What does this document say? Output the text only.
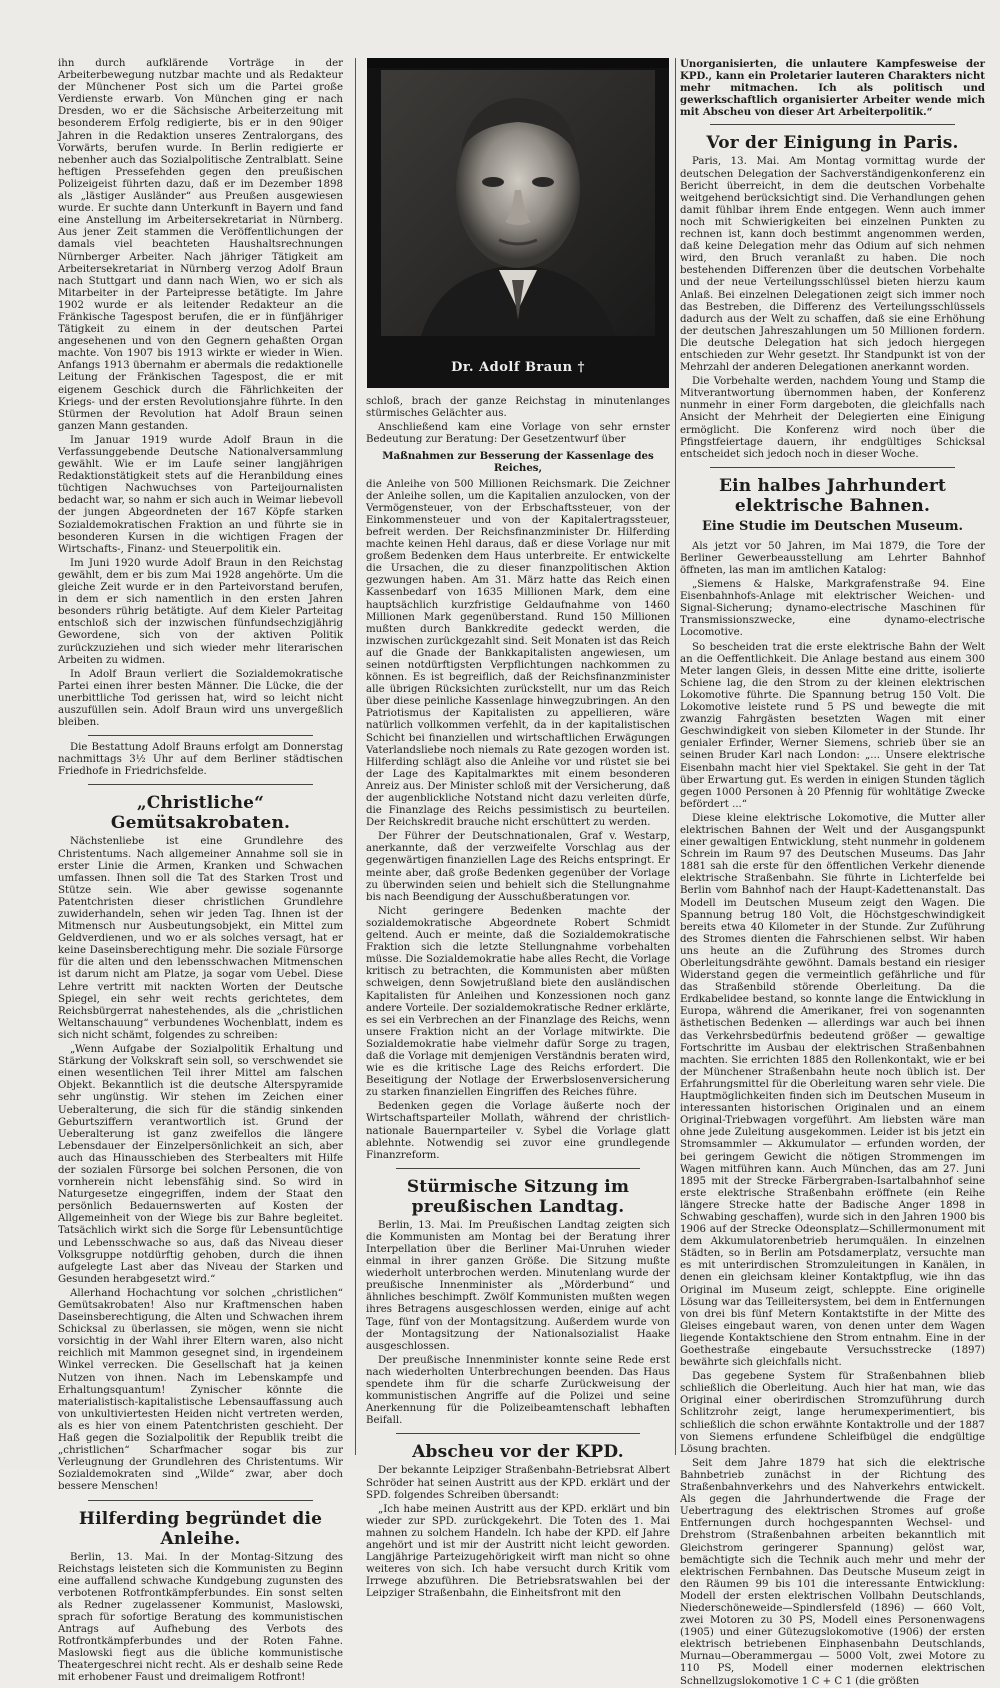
ihn durch aufklärende Vorträge in der Arbeiterbewegung nutzbar machte und als Redakteur der Münchener Post sich um die Partei große Verdienste erwarb. Von München ging er nach Dresden, wo er die Sächsische Arbeiterzeitung mit besonderem Erfolg redigierte, bis er in den 90iger Jahren in die Redaktion unseres Zentralorgans, des Vorwärts, berufen wurde. In Berlin redigierte er nebenher auch das Sozialpolitische Zentralblatt. Seine heftigen Pressefehden gegen den preußischen Polizeigeist führten dazu, daß er im Dezember 1898 als „lästiger Ausländer“ aus Preußen ausgewiesen wurde. Er suchte dann Unterkunft in Bayern und fand eine Anstellung im Arbeitersekretariat in Nürnberg. Aus jener Zeit stammen die Veröffentlichungen der damals viel beachteten Haushaltsrechnungen Nürnberger Arbeiter. Nach jähriger Tätigkeit am Arbeitersekretariat in Nürnberg verzog Adolf Braun nach Stuttgart und dann nach Wien, wo er sich als Mitarbeiter in der Parteipresse betätigte. Im Jahre 1902 wurde er als leitender Redakteur an die Fränkische Tagespost berufen, die er in fünfjähriger Tätigkeit zu einem in der deutschen Partei angesehenen und von den Gegnern gehaßten Organ machte. Von 1907 bis 1913 wirkte er wieder in Wien. Anfangs 1913 übernahm er abermals die redaktionelle Leitung der Fränkischen Tagespost, die er mit eigenem Geschick durch die Fährlichkeiten der Kriegs- und der ersten Revolutionsjahre führte. In den Stürmen der Revolution hat Adolf Braun seinen ganzen Mann gestanden.

Im Januar 1919 wurde Adolf Braun in die Verfassunggebende Deutsche Nationalversammlung gewählt. Wie er im Laufe seiner langjährigen Redaktionstätigkeit stets auf die Heranbildung eines tüchtigen Nachwuchses von Parteijournalisten bedacht war, so nahm er sich auch in Weimar liebevoll der jungen Abgeordneten der 167 Köpfe starken Sozialdemokratischen Fraktion an und führte sie in besonderen Kursen in die wichtigen Fragen der Wirtschafts-, Finanz- und Steuerpolitik ein.

Im Juni 1920 wurde Adolf Braun in den Reichstag gewählt, dem er bis zum Mai 1928 angehörte. Um die gleiche Zeit wurde er in den Parteivorstand berufen, in dem er sich namentlich in den ersten Jahren besonders rührig betätigte. Auf dem Kieler Parteitag entschloß sich der inzwischen fünfundsechzigjährig Gewordene, sich von der aktiven Politik zurückzuziehen und sich wieder mehr literarischen Arbeiten zu widmen.

In Adolf Braun verliert die Sozialdemokratische Partei einen ihrer besten Männer. Die Lücke, die der unerbittliche Tod gerissen hat, wird so leicht nicht auszufüllen sein. Adolf Braun wird uns unvergeßlich bleiben.

Die Bestattung Adolf Brauns erfolgt am Donnerstag nachmittags 3½ Uhr auf dem Berliner städtischen Friedhofe in Friedrichsfelde.

„Christliche“ Gemütsakrobaten.

Nächstenliebe ist eine Grundlehre des Christentums. Nach allgemeiner Annahme soll sie in erster Linie die Armen, Kranken und Schwachen umfassen. Ihnen soll die Tat des Starken Trost und Stütze sein. Wie aber gewisse sogenannte Patentchristen dieser christlichen Grundlehre zuwiderhandeln, sehen wir jeden Tag. Ihnen ist der Mitmensch nur Ausbeutungsobjekt, ein Mittel zum Geldverdienen, und wo er als solches versagt, hat er keine Daseinsberechtigung mehr. Die soziale Fürsorge für die alten und den lebensschwachen Mitmenschen ist darum nicht am Platze, ja sogar vom Uebel. Diese Lehre vertritt mit nackten Worten der Deutsche Spiegel, ein sehr weit rechts gerichtetes, dem Reichsbürgerrat nahestehendes, als die „christlichen Weltanschauung“ verbundenes Wochenblatt, indem es sich nicht schämt, folgendes zu schreiben:

„Wenn Aufgabe der Sozialpolitik Erhaltung und Stärkung der Volkskraft sein soll, so verschwendet sie einen wesentlichen Teil ihrer Mittel am falschen Objekt. Bekanntlich ist die deutsche Alterspyramide sehr ungünstig. Wir stehen im Zeichen einer Ueberalterung, die sich für die ständig sinkenden Geburtsziffern verantwortlich ist. Grund der Ueberalterung ist ganz zweifellos die längere Lebensdauer der Einzelpersönlichkeit an sich, aber auch das Hinausschieben des Sterbealters mit Hilfe der sozialen Fürsorge bei solchen Personen, die von vornherein nicht lebensfähig sind. So wird in Naturgesetze eingegriffen, indem der Staat den persönlich Bedauernswerten auf Kosten der Allgemeinheit von der Wiege bis zur Bahre begleitet. Tatsächlich wirkt sich die Sorge für Lebensuntüchtige und Lebensschwache so aus, daß das Niveau dieser Volksgruppe notdürftig gehoben, durch die ihnen aufgelegte Last aber das Niveau der Starken und Gesunden herabgesetzt wird.“

Allerhand Hochachtung vor solchen „christlichen“ Gemütsakrobaten! Also nur Kraftmenschen haben Daseinsberechtigung, die Alten und Schwachen ihrem Schicksal zu überlassen, sie mögen, wenn sie nicht vorsichtig in der Wahl ihrer Eltern waren, also nicht reichlich mit Mammon gesegnet sind, in irgendeinem Winkel verrecken. Die Gesellschaft hat ja keinen Nutzen von ihnen. Nach im Lebenskampfe und Erhaltungsquantum! Zynischer könnte die materialistisch-kapitalistische Lebensauffassung auch von unkultiviertesten Heiden nicht vertreten werden, als es hier von einem Patentchristen geschieht. Der Haß gegen die Sozialpolitik der Republik treibt die „christlichen“ Scharfmacher sogar bis zur Verleugnung der Grundlehren des Christentums. Wir Sozialdemokraten sind „Wilde“ zwar, aber doch bessere Menschen!

Hilferding begründet die Anleihe.

Berlin, 13. Mai. In der Montag-Sitzung des Reichstags leisteten sich die Kommunisten zu Beginn eine auffallend schwache Kundgebung zugunsten des verbotenen Rotfrontkämpferbundes. Ein sonst selten als Redner zugelassener Kommunist, Maslowski, sprach für sofortige Beratung des kommunistischen Antrags auf Aufhebung des Verbots des Rotfrontkämpferbundes und der Roten Fahne. Maslowski fiegt aus die übliche kommunistische Theatergeschrei nicht recht. Als er deshalb seine Rede mit erhobener Faust und dreimaligem Rotfront!

Dr. Adolf Braun †

schloß, brach der ganze Reichstag in minutenlanges stürmisches Gelächter aus.

Anschließend kam eine Vorlage von sehr ernster Bedeutung zur Beratung: Der Gesetzentwurf über

Maßnahmen zur Besserung der Kassenlage des Reiches,

die Anleihe von 500 Millionen Reichsmark. Die Zeichner der Anleihe sollen, um die Kapitalien anzulocken, von der Vermögensteuer, von der Erbschaftssteuer, von der Einkommensteuer und von der Kapitalertragssteuer, befreit werden. Der Reichsfinanzminister Dr. Hilferding machte keinen Hehl daraus, daß er diese Vorlage nur mit großem Bedenken dem Haus unterbreite. Er entwickelte die Ursachen, die zu dieser finanzpolitischen Aktion gezwungen haben. Am 31. März hatte das Reich einen Kassenbedarf von 1635 Millionen Mark, dem eine hauptsächlich kurzfristige Geldaufnahme von 1460 Millionen Mark gegenüberstand. Rund 150 Millionen mußten durch Bankkredite gedeckt werden, die inzwischen zurückgezahlt sind. Seit Monaten ist das Reich auf die Gnade der Bankkapitalisten angewiesen, um seinen notdürftigsten Verpflichtungen nachkommen zu können. Es ist begreiflich, daß der Reichsfinanzminister alle übrigen Rücksichten zurückstellt, nur um das Reich über diese peinliche Kassenlage hinwegzubringen. An den Patriotismus der Kapitalisten zu appellieren, wäre natürlich vollkommen verfehlt, da in der kapitalistischen Schicht bei finanziellen und wirtschaftlichen Erwägungen Vaterlandsliebe noch niemals zu Rate gezogen worden ist. Hilferding schlägt also die Anleihe vor und rüstet sie bei der Lage des Kapitalmarktes mit einem besonderen Anreiz aus. Der Minister schloß mit der Versicherung, daß der augenblickliche Notstand nicht dazu verleiten dürfe, die Finanzlage des Reichs pessimistisch zu beurteilen. Der Reichskredit brauche nicht erschüttert zu werden.

Der Führer der Deutschnationalen, Graf v. Westarp, anerkannte, daß der verzweifelte Vorschlag aus der gegenwärtigen finanziellen Lage des Reichs entspringt. Er meinte aber, daß große Bedenken gegenüber der Vorlage zu überwinden seien und behielt sich die Stellungnahme bis nach Beendigung der Ausschußberatungen vor.

Nicht geringere Bedenken machte der sozialdemokratische Abgeordnete Robert Schmidt geltend. Auch er meinte, daß die Sozialdemokratische Fraktion sich die letzte Stellungnahme vorbehalten müsse. Die Sozialdemokratie habe alles Recht, die Vorlage kritisch zu betrachten, die Kommunisten aber müßten schweigen, denn Sowjetrußland biete den ausländischen Kapitalisten für Anleihen und Konzessionen noch ganz andere Vorteile. Der sozialdemokratische Redner erklärte, es sei ein Verbrechen an der Finanzlage des Reichs, wenn unsere Fraktion nicht an der Vorlage mitwirkte. Die Sozialdemokratie habe vielmehr dafür Sorge zu tragen, daß die Vorlage mit demjenigen Verständnis beraten wird, wie es die kritische Lage des Reichs erfordert. Die Beseitigung der Notlage der Erwerbslosenversicherung zu starken finanziellen Eingriffen des Reiches führe.

Bedenken gegen die Vorlage äußerte noch der Wirtschaftsparteiler Mollath, während der christlich-nationale Bauernparteiler v. Sybel die Vorlage glatt ablehnte. Notwendig sei zuvor eine grundlegende Finanzreform.

Stürmische Sitzung im preußischen Landtag.

Berlin, 13. Mai. Im Preußischen Landtag zeigten sich die Kommunisten am Montag bei der Beratung ihrer Interpellation über die Berliner Mai-Unruhen wieder einmal in ihrer ganzen Größe. Die Sitzung mußte wiederholt unterbrochen werden. Minutenlang wurde der preußische Innenminister als „Mörderbund“ und ähnliches beschimpft. Zwölf Kommunisten mußten wegen ihres Betragens ausgeschlossen werden, einige auf acht Tage, fünf von der Montagsitzung. Außerdem wurde von der Montagsitzung der Nationalsozialist Haake ausgeschlossen.

Der preußische Innenminister konnte seine Rede erst nach wiederholten Unterbrechungen beenden. Das Haus spendete ihm für die scharfe Zurückweisung der kommunistischen Angriffe auf die Polizei und seine Anerkennung für die Polizeibeamtenschaft lebhaften Beifall.

Abscheu vor der KPD.

Der bekannte Leipziger Straßenbahn-Betriebsrat Albert Schröder hat seinen Austritt aus der KPD. erklärt und der SPD. folgendes Schreiben übersandt:

„Ich habe meinen Austritt aus der KPD. erklärt und bin wieder zur SPD. zurückgekehrt. Die Toten des 1. Mai mahnen zu solchem Handeln. Ich habe der KPD. elf Jahre angehört und ist mir der Austritt nicht leicht geworden. Langjährige Parteizugehörigkeit wirft man nicht so ohne weiteres von sich. Ich habe versucht durch Kritik vom Irrwege abzuführen. Die Betriebsratswahlen bei der Leipziger Straßenbahn, die Einheitsfront mit den

Unorganisierten, die unlautere Kampfesweise der KPD., kann ein Proletarier lauteren Charakters nicht mehr mitmachen. Ich als politisch und gewerkschaftlich organisierter Arbeiter wende mich mit Abscheu von dieser Art Arbeiterpolitik.“

Vor der Einigung in Paris.

Paris, 13. Mai. Am Montag vormittag wurde der deutschen Delegation der Sachverständigenkonferenz ein Bericht überreicht, in dem die deutschen Vorbehalte weitgehend berücksichtigt sind. Die Verhandlungen gehen damit fühlbar ihrem Ende entgegen. Wenn auch immer noch mit Schwierigkeiten bei einzelnen Punkten zu rechnen ist, kann doch bestimmt angenommen werden, daß keine Delegation mehr das Odium auf sich nehmen wird, den Bruch veranlaßt zu haben. Die noch bestehenden Differenzen über die deutschen Vorbehalte und der neue Verteilungsschlüssel bieten hierzu kaum Anlaß. Bei einzelnen Delegationen zeigt sich immer noch das Bestreben, die Differenz des Verteilungsschlüssels dadurch aus der Welt zu schaffen, daß sie eine Erhöhung der deutschen Jahreszahlungen um 50 Millionen fordern. Die deutsche Delegation hat sich jedoch hiergegen entschieden zur Wehr gesetzt. Ihr Standpunkt ist von der Mehrzahl der anderen Delegationen anerkannt worden.

Die Vorbehalte werden, nachdem Young und Stamp die Mitverantwortung übernommen haben, der Konferenz nunmehr in einer Form dargeboten, die gleichfalls nach Ansicht der Mehrheit der Delegierten eine Einigung ermöglicht. Die Konferenz wird noch über die Pfingstfeiertage dauern, ihr endgültiges Schicksal entscheidet sich jedoch noch in dieser Woche.

Ein halbes Jahrhundert elektrische Bahnen.
Eine Studie im Deutschen Museum.

Als jetzt vor 50 Jahren, im Mai 1879, die Tore der Berliner Gewerbeausstellung am Lehrter Bahnhof öffneten, las man im amtlichen Katalog:

„Siemens & Halske, Markgrafenstraße 94. Eine Eisenbahnhofs-Anlage mit elektrischer Weichen- und Signal-Sicherung; dynamo-electrische Maschinen für Transmissionszwecke, eine dynamo-electrische Locomotive.

So bescheiden trat die erste elektrische Bahn der Welt an die Oeffentlichkeit. Die Anlage bestand aus einem 300 Meter langen Gleis, in dessen Mitte eine dritte, isolierte Schiene lag, die den Strom zu der kleinen elektrischen Lokomotive führte. Die Spannung betrug 150 Volt. Die Lokomotive leistete rund 5 PS und bewegte die mit zwanzig Fahrgästen besetzten Wagen mit einer Geschwindigkeit von sieben Kilometer in der Stunde. Ihr genialer Erfinder, Werner Siemens, schrieb über sie an seinen Bruder Karl nach London: „... Unsere elektrische Eisenbahn macht hier viel Spektakel. Sie geht in der Tat über Erwartung gut. Es werden in einigen Stunden täglich gegen 1000 Personen à 20 Pfennig für wohltätige Zwecke befördert ...“

Diese kleine elektrische Lokomotive, die Mutter aller elektrischen Bahnen der Welt und der Ausgangspunkt einer gewaltigen Entwicklung, steht nunmehr in goldenem Schrein im Raum 97 des Deutschen Museums. Das Jahr 1881 sah die erste für den öffentlichen Verkehr dienende elektrische Straßenbahn. Sie führte in Lichterfelde bei Berlin vom Bahnhof nach der Haupt-Kadettenanstalt. Das Modell im Deutschen Museum zeigt den Wagen. Die Spannung betrug 180 Volt, die Höchstgeschwindigkeit bereits etwa 40 Kilometer in der Stunde. Zur Zuführung des Stromes dienten die Fahrschienen selbst. Wir haben uns heute an die Zuführung des Stromes durch Oberleitungsdrähte gewöhnt. Damals bestand ein riesiger Widerstand gegen die vermeintlich gefährliche und für das Straßenbild störende Oberleitung. Da die Erdkabelidee bestand, so konnte lange die Entwicklung in Europa, während die Amerikaner, frei von sogenannten ästhetischen Bedenken — allerdings war auch bei ihnen das Verkehrsbedürfnis bedeutend größer — gewaltige Fortschritte im Ausbau der elektrischen Straßenbahnen machten. Sie errichten 1885 den Rollenkontakt, wie er bei der Münchener Straßenbahn heute noch üblich ist. Der Erfahrungsmittel für die Oberleitung waren sehr viele. Die Hauptmöglichkeiten finden sich im Deutschen Museum in interessanten historischen Originalen und an einem Original-Triebwagen vorgeführt. Am liebsten wäre man ohne jede Zuleitung ausgekommen. Leider ist bis jetzt ein Stromsammler — Akkumulator — erfunden worden, der bei geringem Gewicht die nötigen Strommengen im Wagen mitführen kann. Auch München, das am 27. Juni 1895 mit der Strecke Färbergraben-Isartalbahnhof seine erste elektrische Straßenbahn eröffnete (ein Reihe längere Strecke hatte der Badische Anger 1898 in Schwabing geschaffen), wurde sich in den Jahren 1900 bis 1906 auf der Strecke Odeonsplatz—Schillermonument mit dem Akkumulatorenbetrieb herumquälen. In einzelnen Städten, so in Berlin am Potsdamerplatz, versuchte man es mit unterirdischen Stromzuleitungen in Kanälen, in denen ein gleichsam kleiner Kontaktpflug, wie ihn das Original im Museum zeigt, schleppte. Eine originelle Lösung war das Teilleitersystem, bei dem in Entfernungen von drei bis fünf Metern Kontaktstifte in der Mitte des Gleises eingebaut waren, von denen unter dem Wagen liegende Kontaktschiene den Strom entnahm. Eine in der Goethestraße eingebaute Versuchsstrecke (1897) bewährte sich gleichfalls nicht.

Das gegebene System für Straßenbahnen blieb schließlich die Oberleitung. Auch hier hat man, wie das Original einer oberirdischen Stromzuführung durch Schlitzrohr zeigt, lange herumexperimentiert, bis schließlich die schon erwähnte Kontaktrolle und der 1887 von Siemens erfundene Schleifbügel die endgültige Lösung brachten.

Seit dem Jahre 1879 hat sich die elektrische Bahnbetrieb zunächst in der Richtung des Straßenbahnverkehrs und des Nahverkehrs entwickelt. Als gegen die Jahrhundertwende die Frage der Uebertragung des elektrischen Stromes auf große Entfernungen durch hochgespannten Wechsel- und Drehstrom (Straßenbahnen arbeiten bekanntlich mit Gleichstrom geringerer Spannung) gelöst war, bemächtigte sich die Technik auch mehr und mehr der elektrischen Fernbahnen. Das Deutsche Museum zeigt in den Räumen 99 bis 101 die interessante Entwicklung: Modell der ersten elektrischen Vollbahn Deutschlands, Niederschöneweide—Spindlersfeld (1896) — 660 Volt, zwei Motoren zu 30 PS, Modell eines Personenwagens (1905) und einer Gütezugslokomotive (1906) der ersten elektrisch betriebenen Einphasenbahn Deutschlands, Murnau—Oberammergau — 5000 Volt, zwei Motore zu 110 PS, Modell einer modernen elektrischen Schnellzugslokomotive 1 C + C 1 (die größten
